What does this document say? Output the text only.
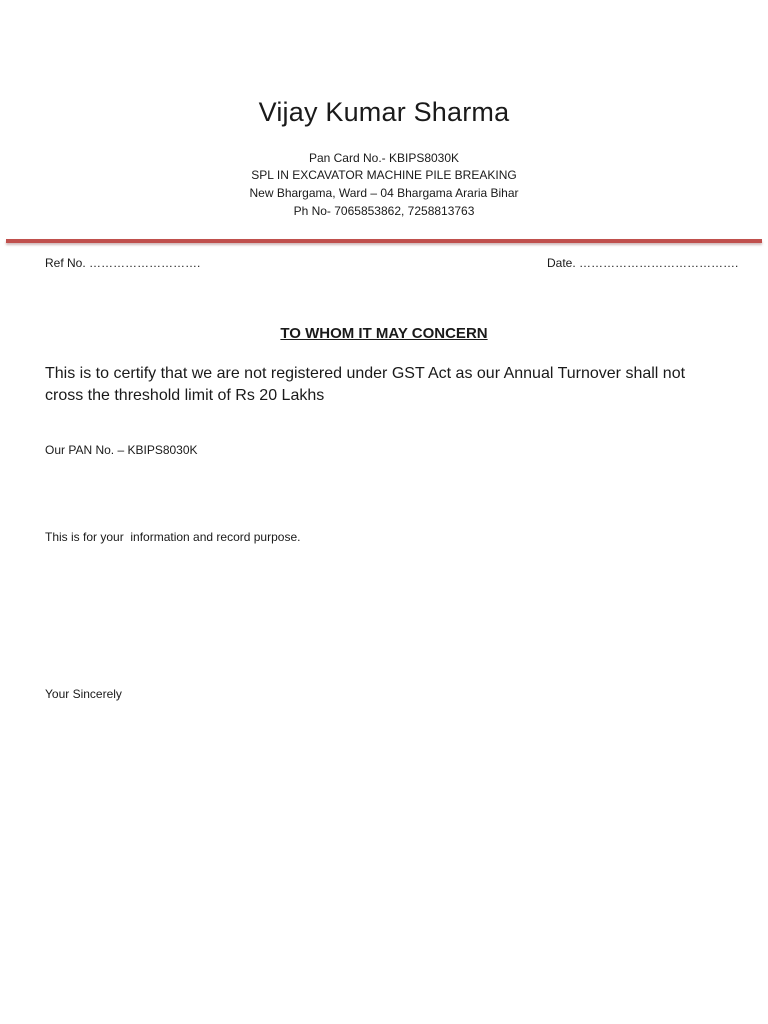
Vijay Kumar Sharma
Pan Card No.- KBIPS8030K
SPL IN EXCAVATOR MACHINE PILE BREAKING
New Bhargama, Ward – 04 Bhargama Araria Bihar
Ph No- 7065853862, 7258813763
Ref No. ……………………….	Date. ………………………………….
TO WHOM IT MAY CONCERN
This is to certify that we are not registered under GST Act as our Annual Turnover shall not cross the threshold limit of Rs 20 Lakhs
Our PAN No. – KBIPS8030K
This is for your  information and record purpose.
Your Sincerely
